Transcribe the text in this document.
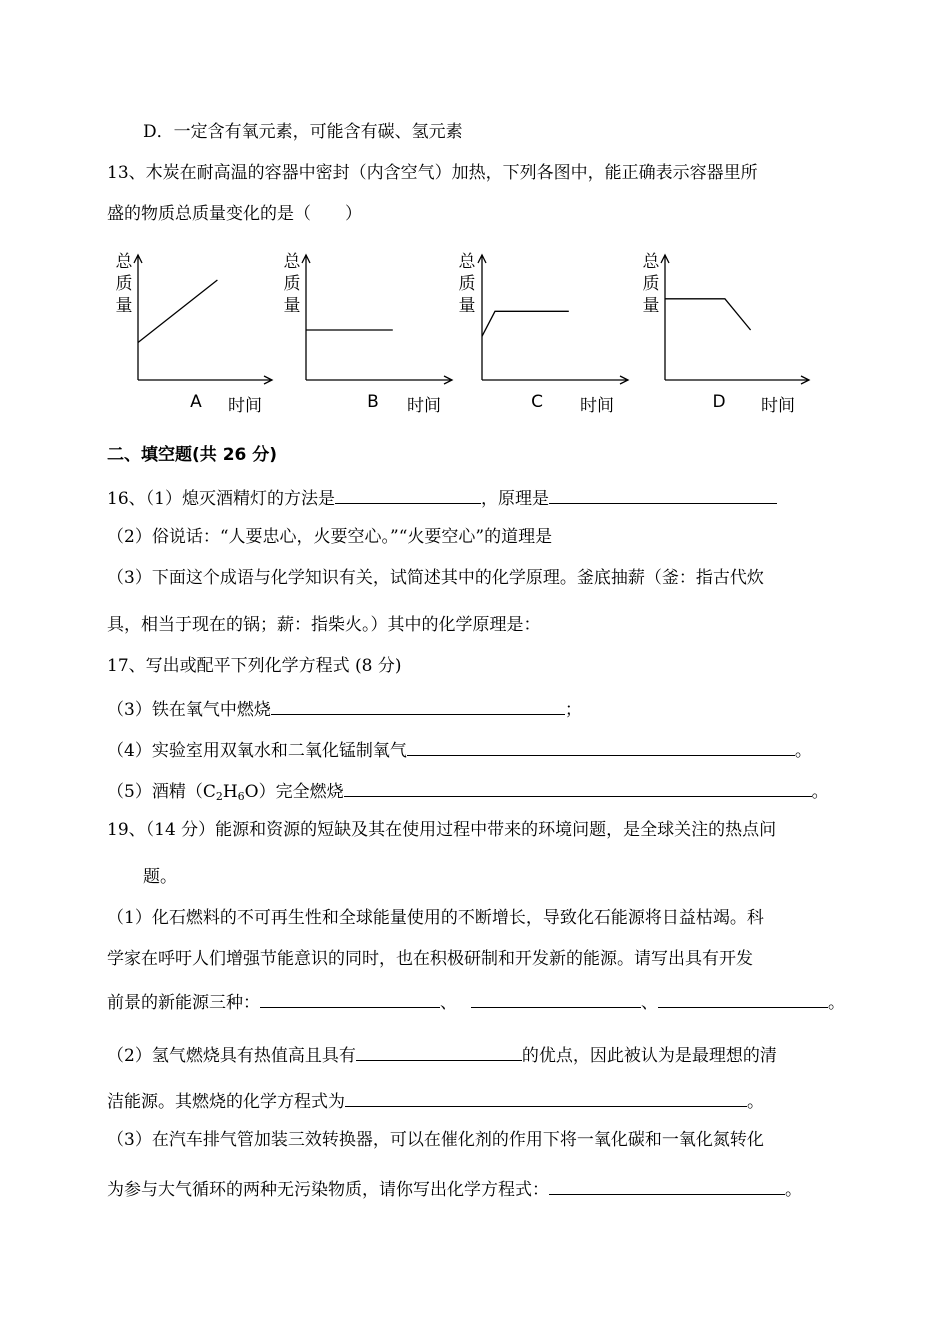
D．一定含有氧元素，可能含有碳、氢元素
13、木炭在耐高温的容器中密封（内含空气）加热，下列各图中，能正确表示容器里所
盛的物质总质量变化的是（　　）
总
质
量
A 时间
总
质
量
B 时间
总
质
量
C 时间
总
质
量
D 时间
二、填空题(共 26 分)
16、（1）熄灭酒精灯的方法是	，原理是
（2）俗说话：“人要忠心，火要空心。”“火要空心”的道理是
（3）下面这个成语与化学知识有关，试简述其中的化学原理。釜底抽薪（釜：指古代炊
具，相当于现在的锅；薪：指柴火。）其中的化学原理是：
17、写出或配平下列化学方程式 (8 分)
（3）铁在氧气中燃烧	；
（4）实验室用双氧水和二氧化锰制氧气	。
（5）酒精$(C_2H_6O)$完全燃烧	。
19、（14 分）能源和资源的短缺及其在使用过程中带来的环境问题，是全球关注的热点问
题。
（1）化石燃料的不可再生性和全球能量使用的不断增长，导致化石能源将日益枯竭。科
学家在呼吁人们增强节能意识的同时，也在积极研制和开发新的能源。请写出具有开发
前景的新能源三种：	、	、	。
（2）氢气燃烧具有热值高且具有	的优点，因此被认为是最理想的清
洁能源。其燃烧的化学方程式为	。
（3）在汽车排气管加装三效转换器，可以在催化剂的作用下将一氧化碳和一氧化氮转化
为参与大气循环的两种无污染物质，请你写出化学方程式：	。
